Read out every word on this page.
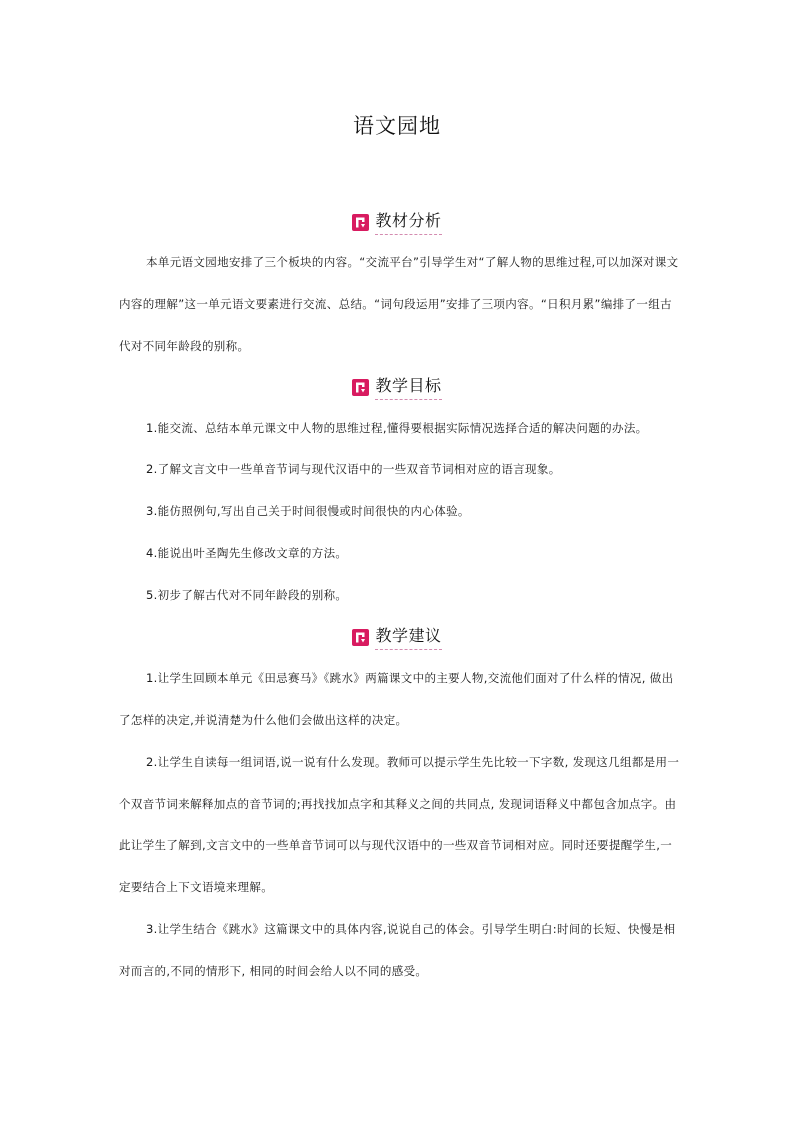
语文园地
教材分析
本单元语文园地安排了三个板块的内容。“交流平台”引导学生对“了解人物的思维过程,可以加深对课文
内容的理解”这一单元语文要素进行交流、总结。“词句段运用”安排了三项内容。“日积月累”编排了一组古
代对不同年龄段的别称。
教学目标
1.能交流、总结本单元课文中人物的思维过程,懂得要根据实际情况选择合适的解决问题的办法。
2.了解文言文中一些单音节词与现代汉语中的一些双音节词相对应的语言现象。
3.能仿照例句,写出自己关于时间很慢或时间很快的内心体验。
4.能说出叶圣陶先生修改文章的方法。
5.初步了解古代对不同年龄段的别称。
教学建议
1.让学生回顾本单元《田忌赛马》《跳水》两篇课文中的主要人物,交流他们面对了什么样的情况, 做出
了怎样的决定,并说清楚为什么他们会做出这样的决定。
2.让学生自读每一组词语,说一说有什么发现。教师可以提示学生先比较一下字数, 发现这几组都是用一
个双音节词来解释加点的音节词的;再找找加点字和其释义之间的共同点, 发现词语释义中都包含加点字。由
此让学生了解到,文言文中的一些单音节词可以与现代汉语中的一些双音节词相对应。同时还要提醒学生,一
定要结合上下文语境来理解。
3.让学生结合《跳水》这篇课文中的具体内容,说说自己的体会。引导学生明白:时间的长短、快慢是相
对而言的,不同的情形下, 相同的时间会给人以不同的感受。
